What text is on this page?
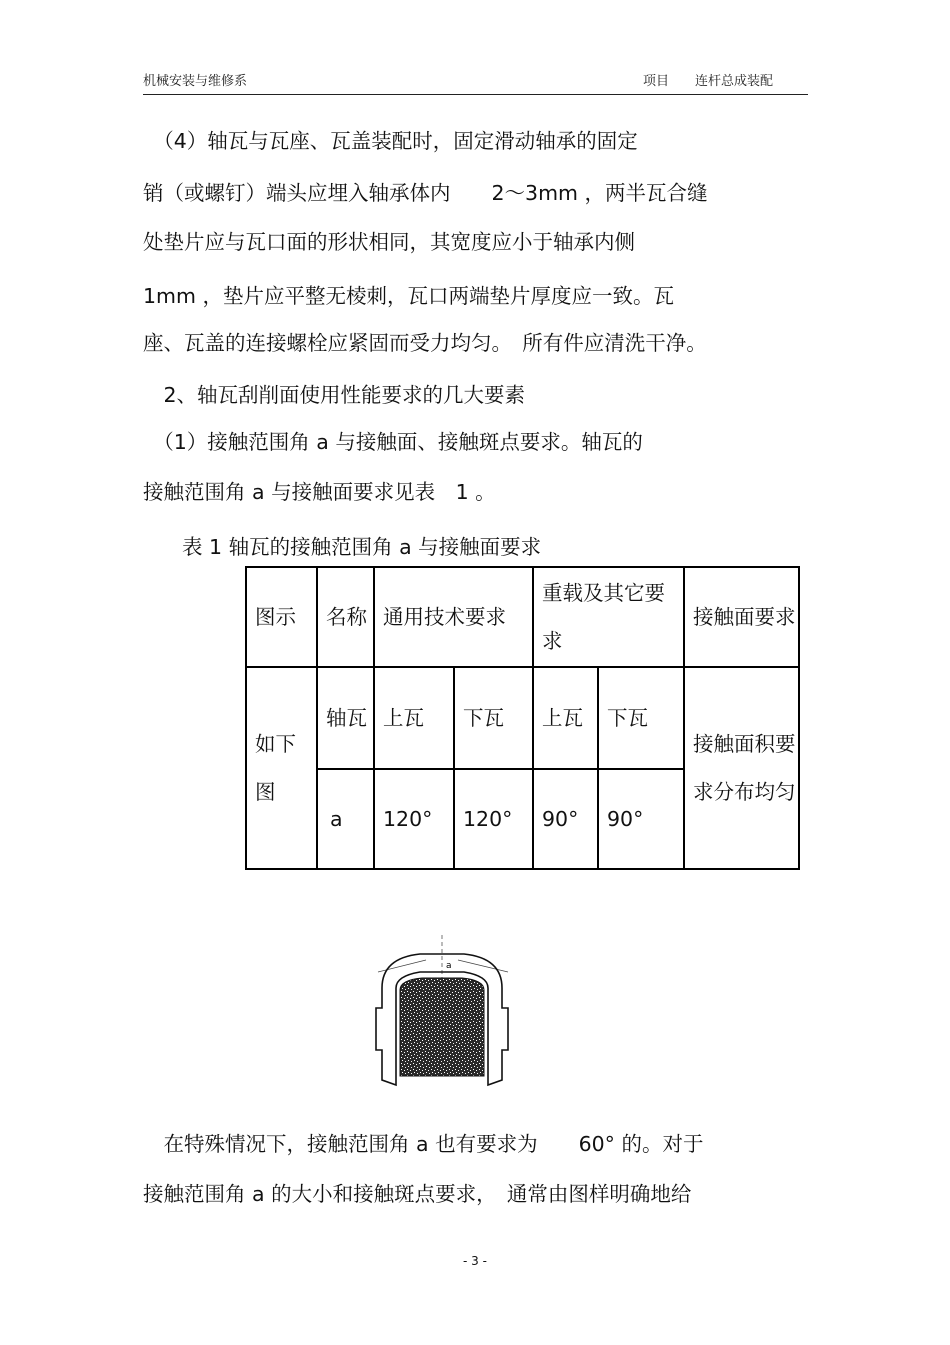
机械安装与维修系	项目 连杆总成装配
　（4）轴瓦与瓦座、瓦盖装配时，固定滑动轴承的固定
销（或螺钉）端头应埋入轴承体内　　2～3mm ，两半瓦合缝
处垫片应与瓦口面的形状相同，其宽度应小于轴承内侧
1mm ，垫片应平整无棱刺，瓦口两端垫片厚度应一致。瓦
座、瓦盖的连接螺栓应紧固而受力均匀。　所有件应清洗干净。
　2、轴瓦刮削面使用性能要求的几大要素
　（1）接触范围角 a 与接触面、接触斑点要求。轴瓦的
接触范围角 a 与接触面要求见表　1 。
表 1 轴瓦的接触范围角 a 与接触面要求
图示	名称	通用技术要求		重载及其它要求		接触面要求
如下图	轴瓦	上瓦	下瓦	上瓦	下瓦	接触面积要求分布均匀
	a	120°	120°	90°	90°	
a
　在特殊情况下，接触范围角 a 也有要求为　　60° 的。对于
接触范围角 a 的大小和接触斑点要求，　通常由图样明确地给
- 3 -
